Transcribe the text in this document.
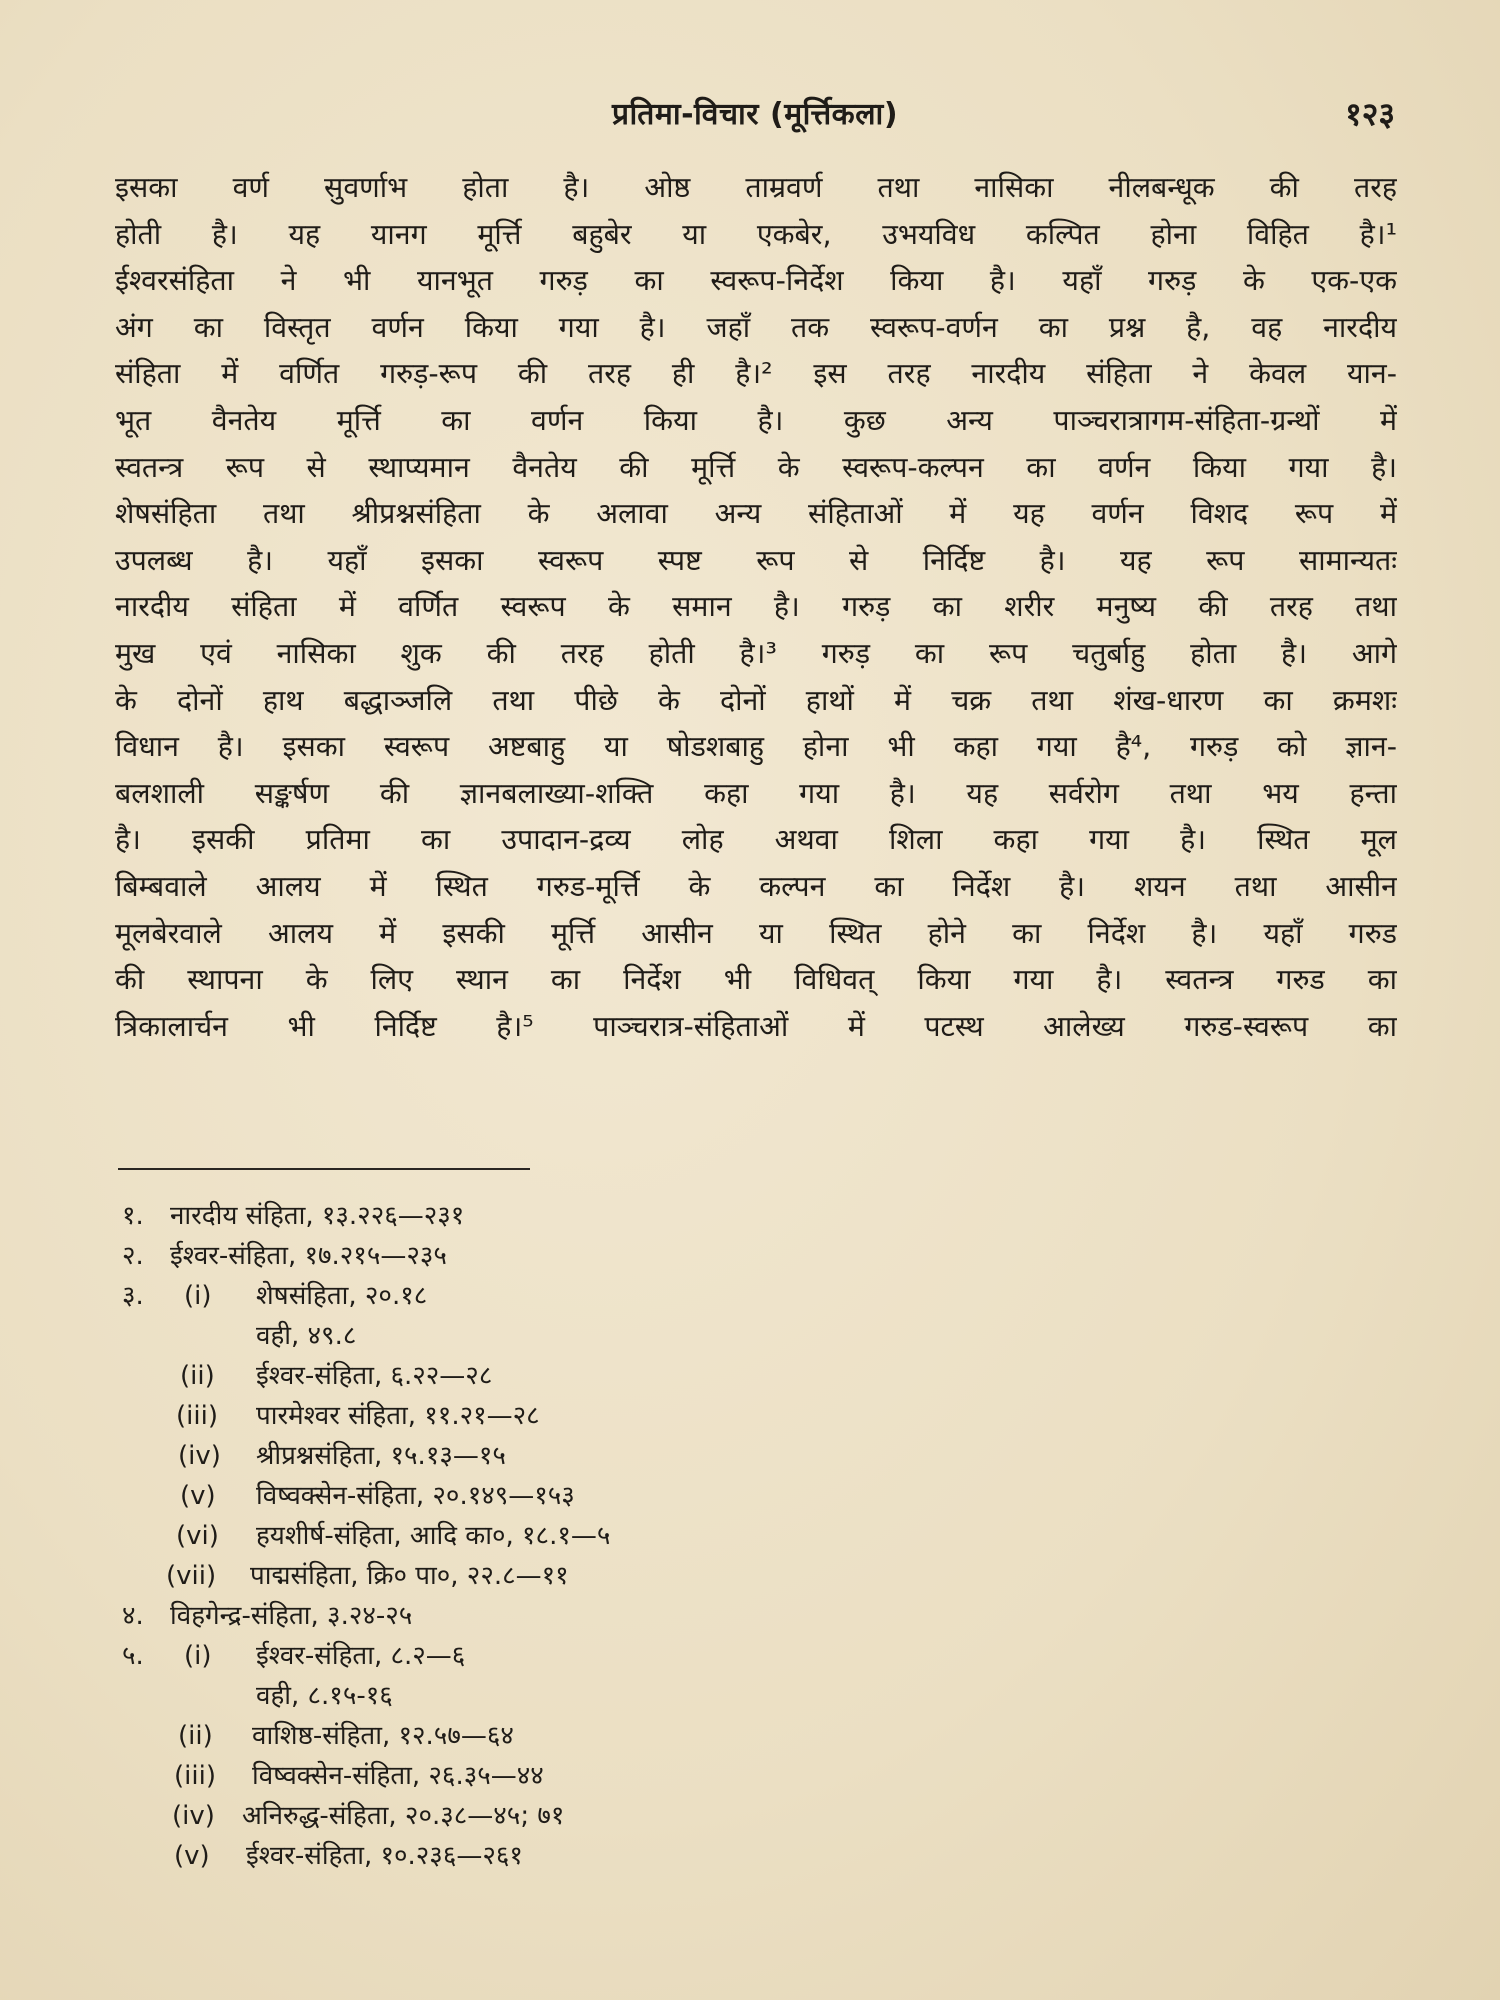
प्रतिमा-विचार (मूर्त्तिकला)	१२३
इसका वर्ण सुवर्णाभ होता है। ओष्ठ ताम्रवर्ण तथा नासिका नीलबन्धूक की तरह
होती है। यह यानग मूर्त्ति बहुबेर या एकबेर, उभयविध कल्पित होना विहित है।¹
ईश्वरसंहिता ने भी यानभूत गरुड़ का स्वरूप-निर्देश किया है। यहाँ गरुड़ के एक-एक
अंग का विस्तृत वर्णन किया गया है। जहाँ तक स्वरूप-वर्णन का प्रश्न है, वह नारदीय
संहिता में वर्णित गरुड़-रूप की तरह ही है।² इस तरह नारदीय संहिता ने केवल यान-
भूत वैनतेय मूर्त्ति का वर्णन किया है। कुछ अन्य पाञ्चरात्रागम-संहिता-ग्रन्थों में
स्वतन्त्र रूप से स्थाप्यमान वैनतेय की मूर्त्ति के स्वरूप-कल्पन का वर्णन किया गया है।
शेषसंहिता तथा श्रीप्रश्नसंहिता के अलावा अन्य संहिताओं में यह वर्णन विशद रूप में
उपलब्ध है। यहाँ इसका स्वरूप स्पष्ट रूप से निर्दिष्ट है। यह रूप सामान्यतः
नारदीय संहिता में वर्णित स्वरूप के समान है। गरुड़ का शरीर मनुष्य की तरह तथा
मुख एवं नासिका शुक की तरह होती है।³ गरुड़ का रूप चतुर्बाहु होता है। आगे
के दोनों हाथ बद्धाञ्जलि तथा पीछे के दोनों हाथों में चक्र तथा शंख-धारण का क्रमशः
विधान है। इसका स्वरूप अष्टबाहु या षोडशबाहु होना भी कहा गया है⁴, गरुड़ को ज्ञान-
बलशाली सङ्कर्षण की ज्ञानबलाख्या-शक्ति कहा गया है। यह सर्वरोग तथा भय हन्ता
है। इसकी प्रतिमा का उपादान-द्रव्य लोह अथवा शिला कहा गया है। स्थित मूल
बिम्बवाले आलय में स्थित गरुड-मूर्त्ति के कल्पन का निर्देश है। शयन तथा आसीन
मूलबेरवाले आलय में इसकी मूर्त्ति आसीन या स्थित होने का निर्देश है। यहाँ गरुड
की स्थापना के लिए स्थान का निर्देश भी विधिवत् किया गया है। स्वतन्त्र गरुड का
त्रिकालार्चन भी निर्दिष्ट है।⁵ पाञ्चरात्र-संहिताओं में पटस्थ आलेख्य गरुड-स्वरूप का
१. नारदीय संहिता, १३.२२६—२३१
२. ईश्वर-संहिता, १७.२१५—२३५
३. (i) शेषसंहिता, २०.१८
वही, ४९.८
(ii) ईश्वर-संहिता, ६.२२—२८
(iii) पारमेश्वर संहिता, ११.२१—२८
(iv) श्रीप्रश्नसंहिता, १५.१३—१५
(v) विष्वक्सेन-संहिता, २०.१४९—१५३
(vi) हयशीर्ष-संहिता, आदि का०, १८.१—५
(vii) पाद्मसंहिता, क्रि० पा०, २२.८—११
४. विहगेन्द्र-संहिता, ३.२४-२५
५. (i) ईश्वर-संहिता, ८.२—६
वही, ८.१५-१६
(ii) वाशिष्ठ-संहिता, १२.५७—६४
(iii) विष्वक्सेन-संहिता, २६.३५—४४
(iv) अनिरुद्ध-संहिता, २०.३८—४५; ७१
(v) ईश्वर-संहिता, १०.२३६—२६१
